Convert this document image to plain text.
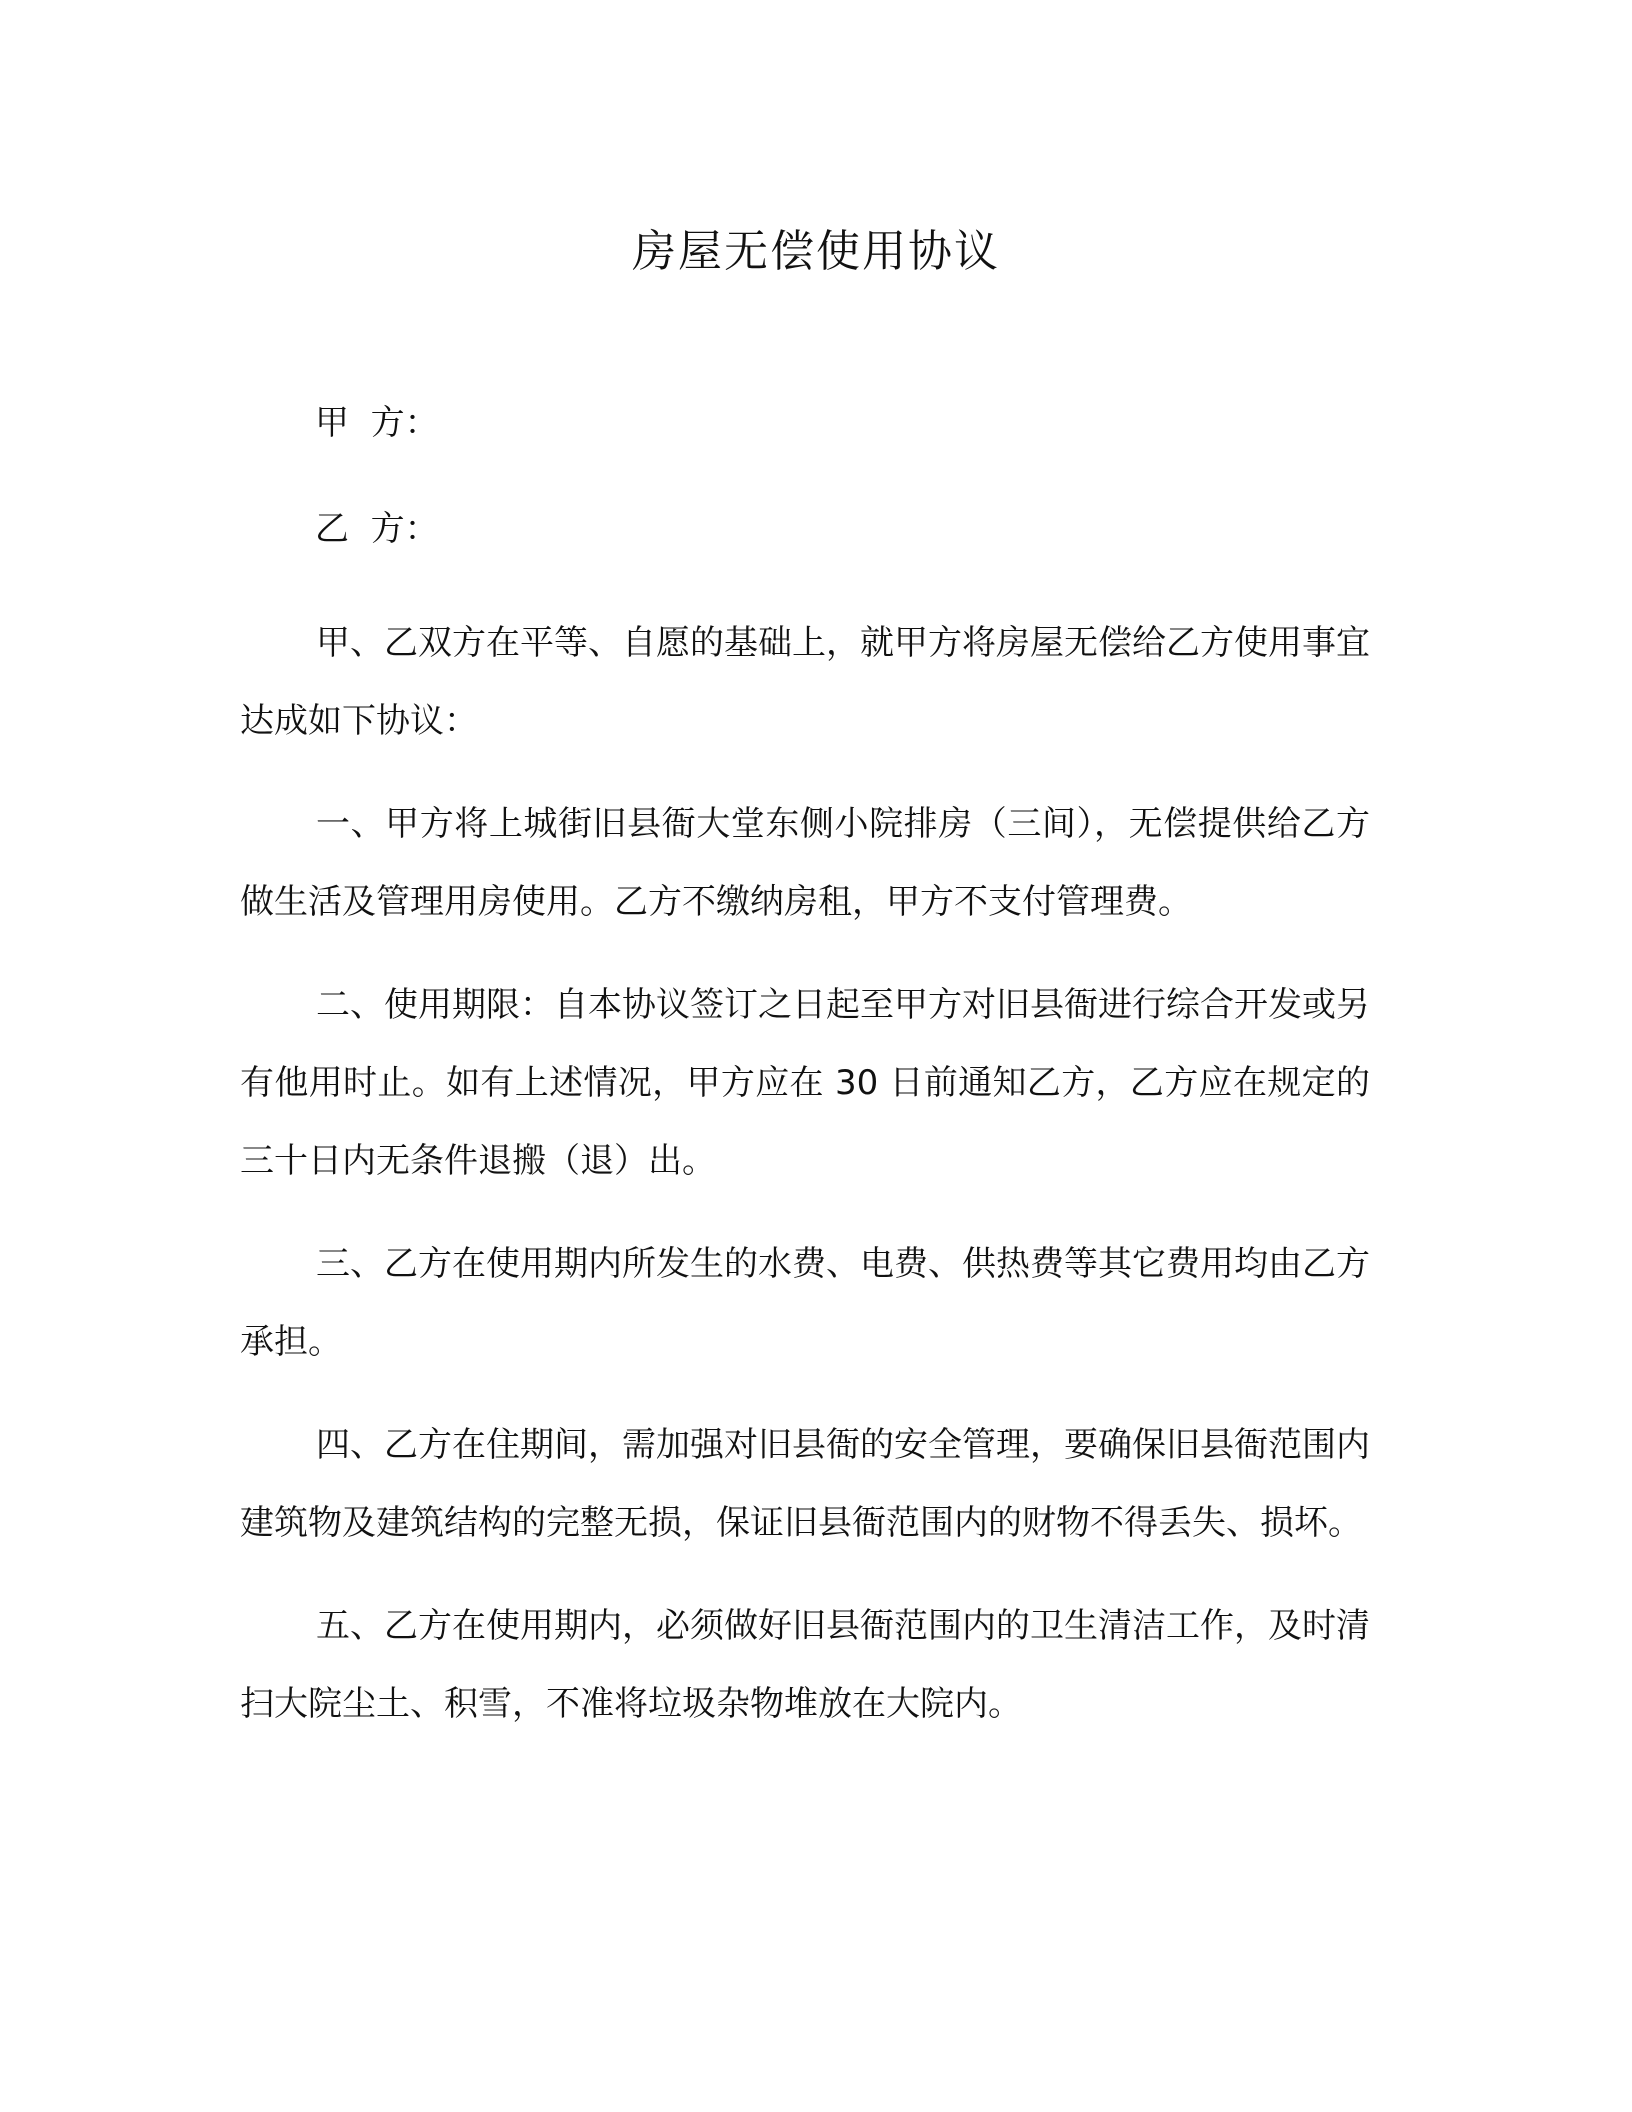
房屋无偿使用协议

甲  方：

乙  方：

甲、乙双方在平等、自愿的基础上，就甲方将房屋无偿给乙方使用事宜达成如下协议：

一、甲方将上城街旧县衙大堂东侧小院排房（三间），无偿提供给乙方做生活及管理用房使用。乙方不缴纳房租，甲方不支付管理费。

二、使用期限：自本协议签订之日起至甲方对旧县衙进行综合开发或另有他用时止。如有上述情况，甲方应在 30 日前通知乙方，乙方应在规定的三十日内无条件退搬（退）出。

三、乙方在使用期内所发生的水费、电费、供热费等其它费用均由乙方承担。

四、乙方在住期间，需加强对旧县衙的安全管理，要确保旧县衙范围内建筑物及建筑结构的完整无损，保证旧县衙范围内的财物不得丢失、损坏。

五、乙方在使用期内，必须做好旧县衙范围内的卫生清洁工作，及时清扫大院尘土、积雪，不准将垃圾杂物堆放在大院内。
